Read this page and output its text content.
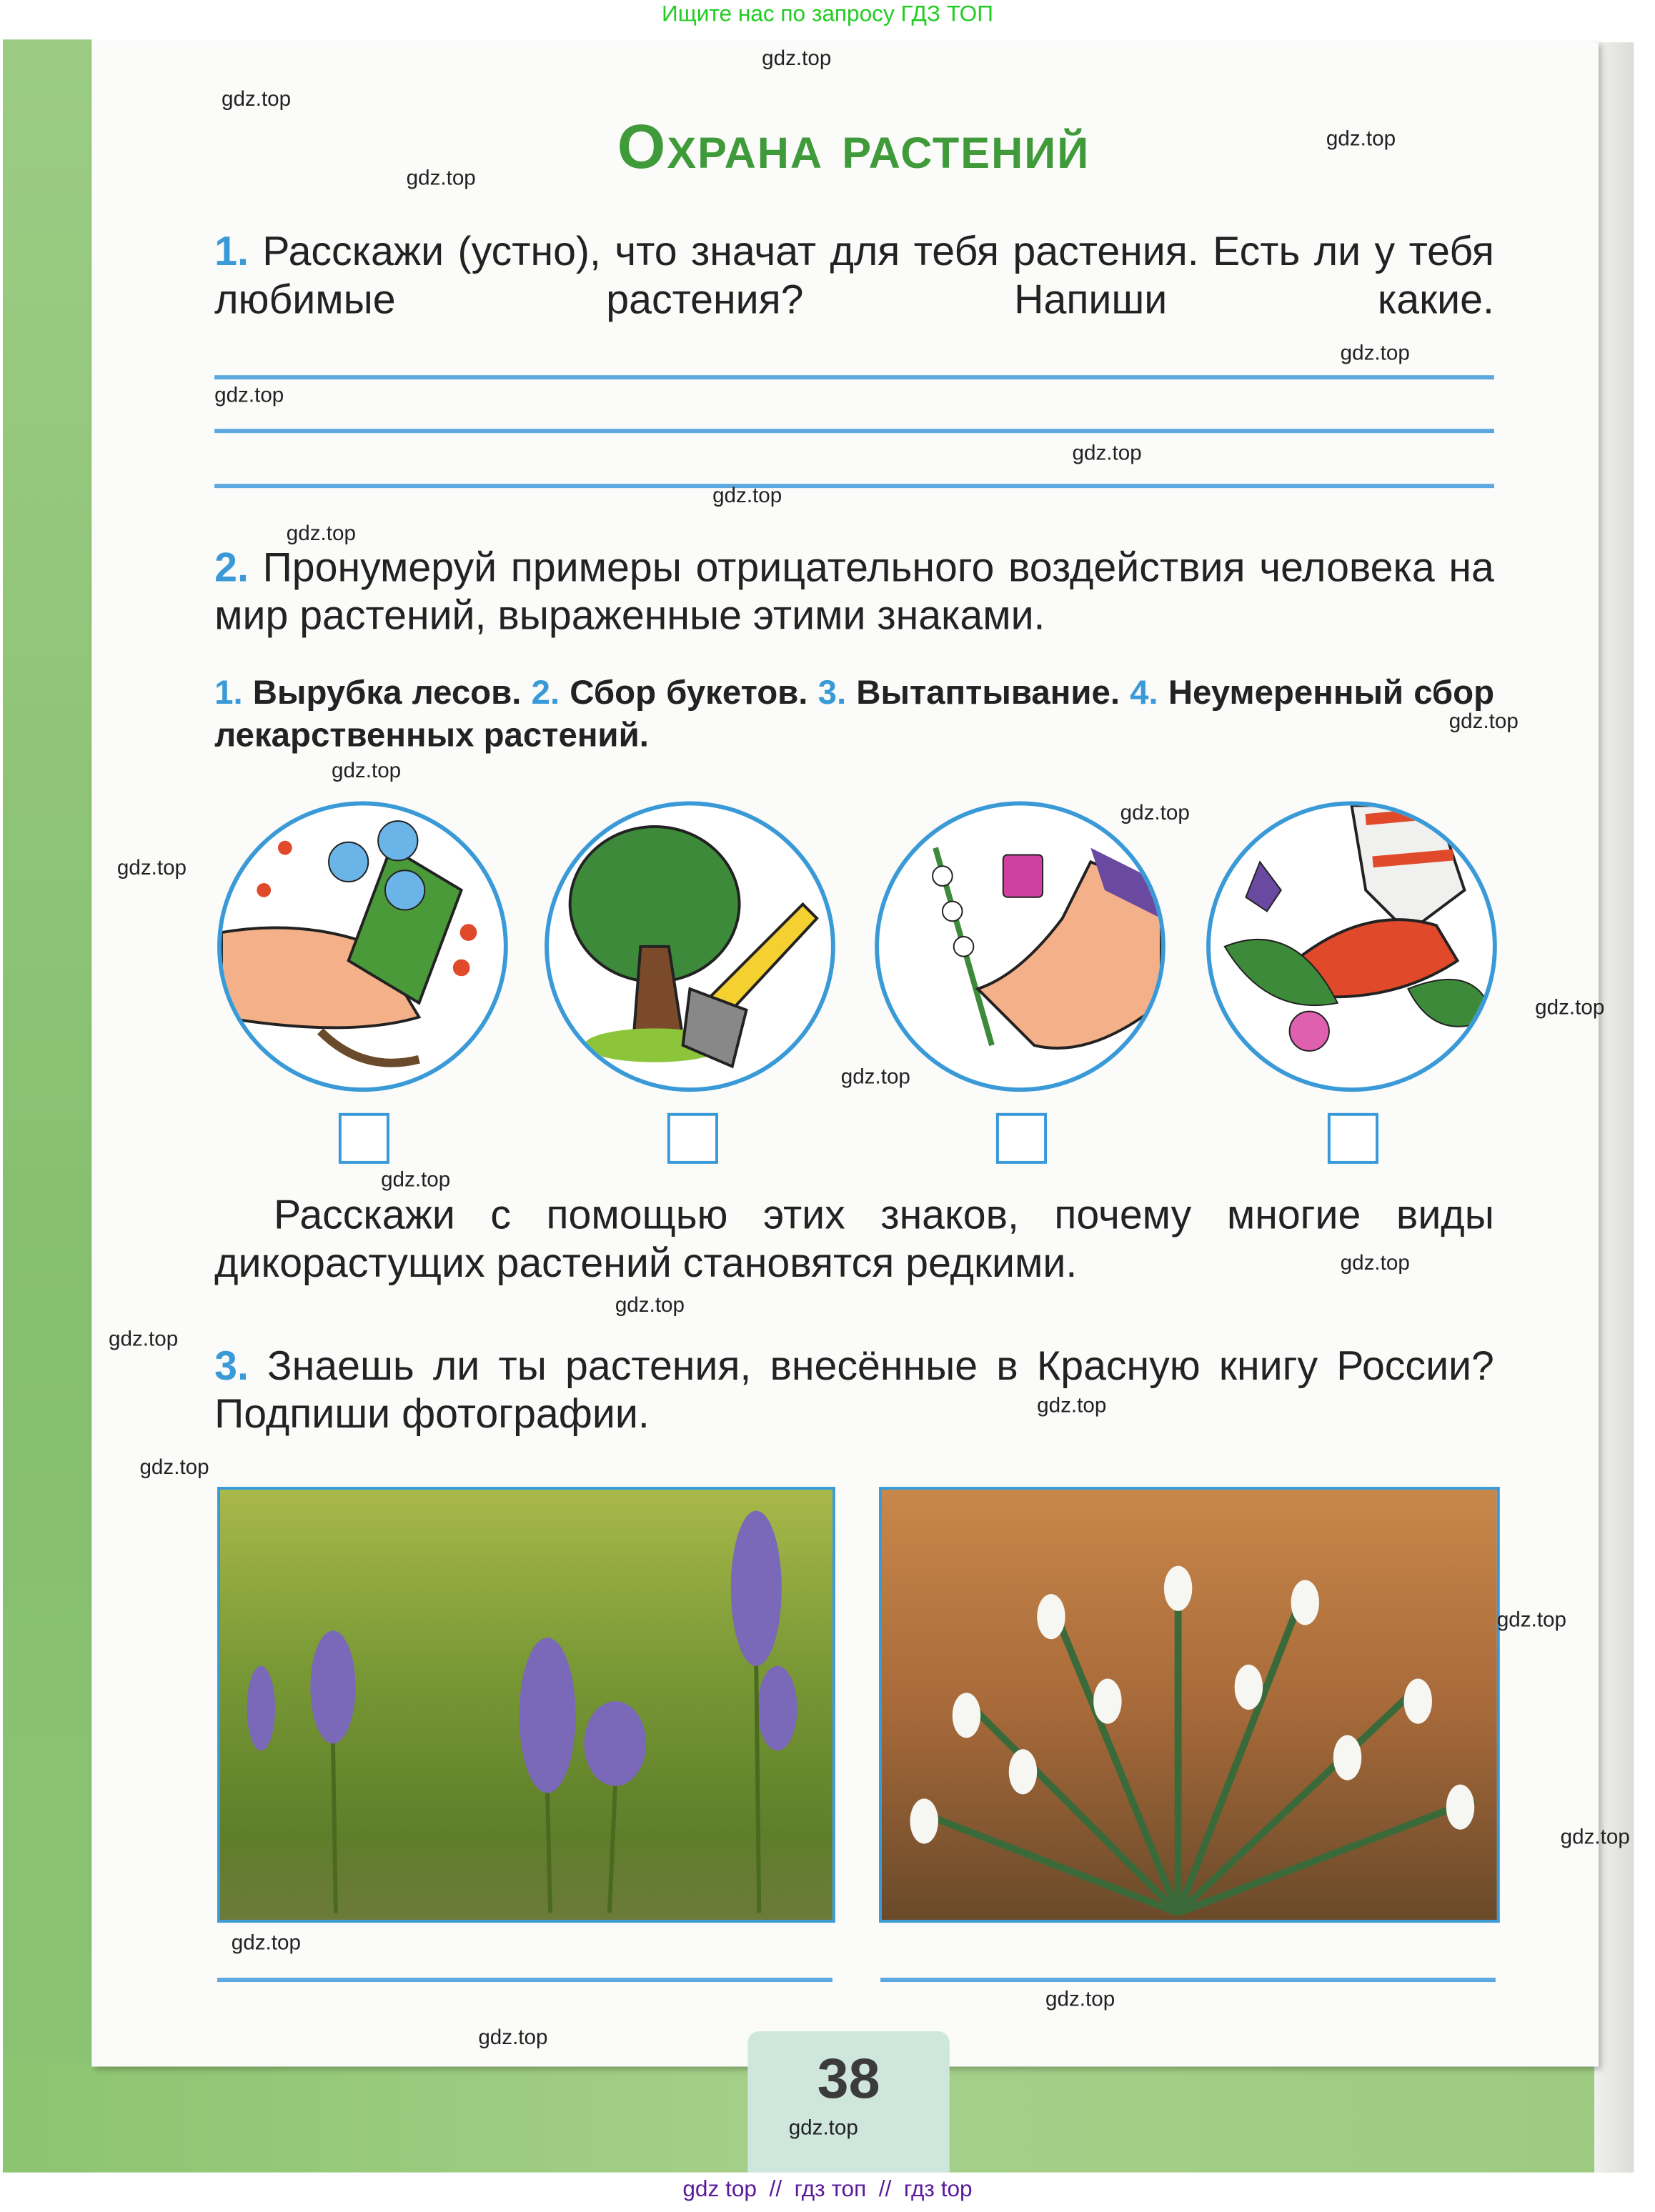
Ищите нас по запросу ГДЗ ТОП
38
Охрана растений
1. Расскажи (устно), что значат для тебя растения. Есть ли у тебя любимые растения? Напиши какие.
2. Пронумеруй примеры отрицательного воздействия человека на мир растений, выраженные этими знаками.
1. Вырубка лесов. 2. Сбор букетов. 3. Вытаптывание. 4. Неумеренный сбор лекарственных растений.
Расскажи с помощью этих знаков, почему многие виды дикорастущих растений становятся редкими.
3. Знаешь ли ты растения, внесённые в Красную книгу России? Подпиши фотографии.
gdz.top
gdz.top
gdz.top
gdz.top
gdz.top
gdz.top
gdz.top
gdz.top
gdz.top
gdz.top
gdz.top
gdz.top
gdz.top
gdz.top
gdz.top
gdz.top
gdz.top
gdz.top
gdz.top
gdz.top
gdz.top
gdz.top
gdz.top
gdz.top
gdz.top
gdz.top
gdz.top
gdz top  //  гдз топ  //  гдз top
